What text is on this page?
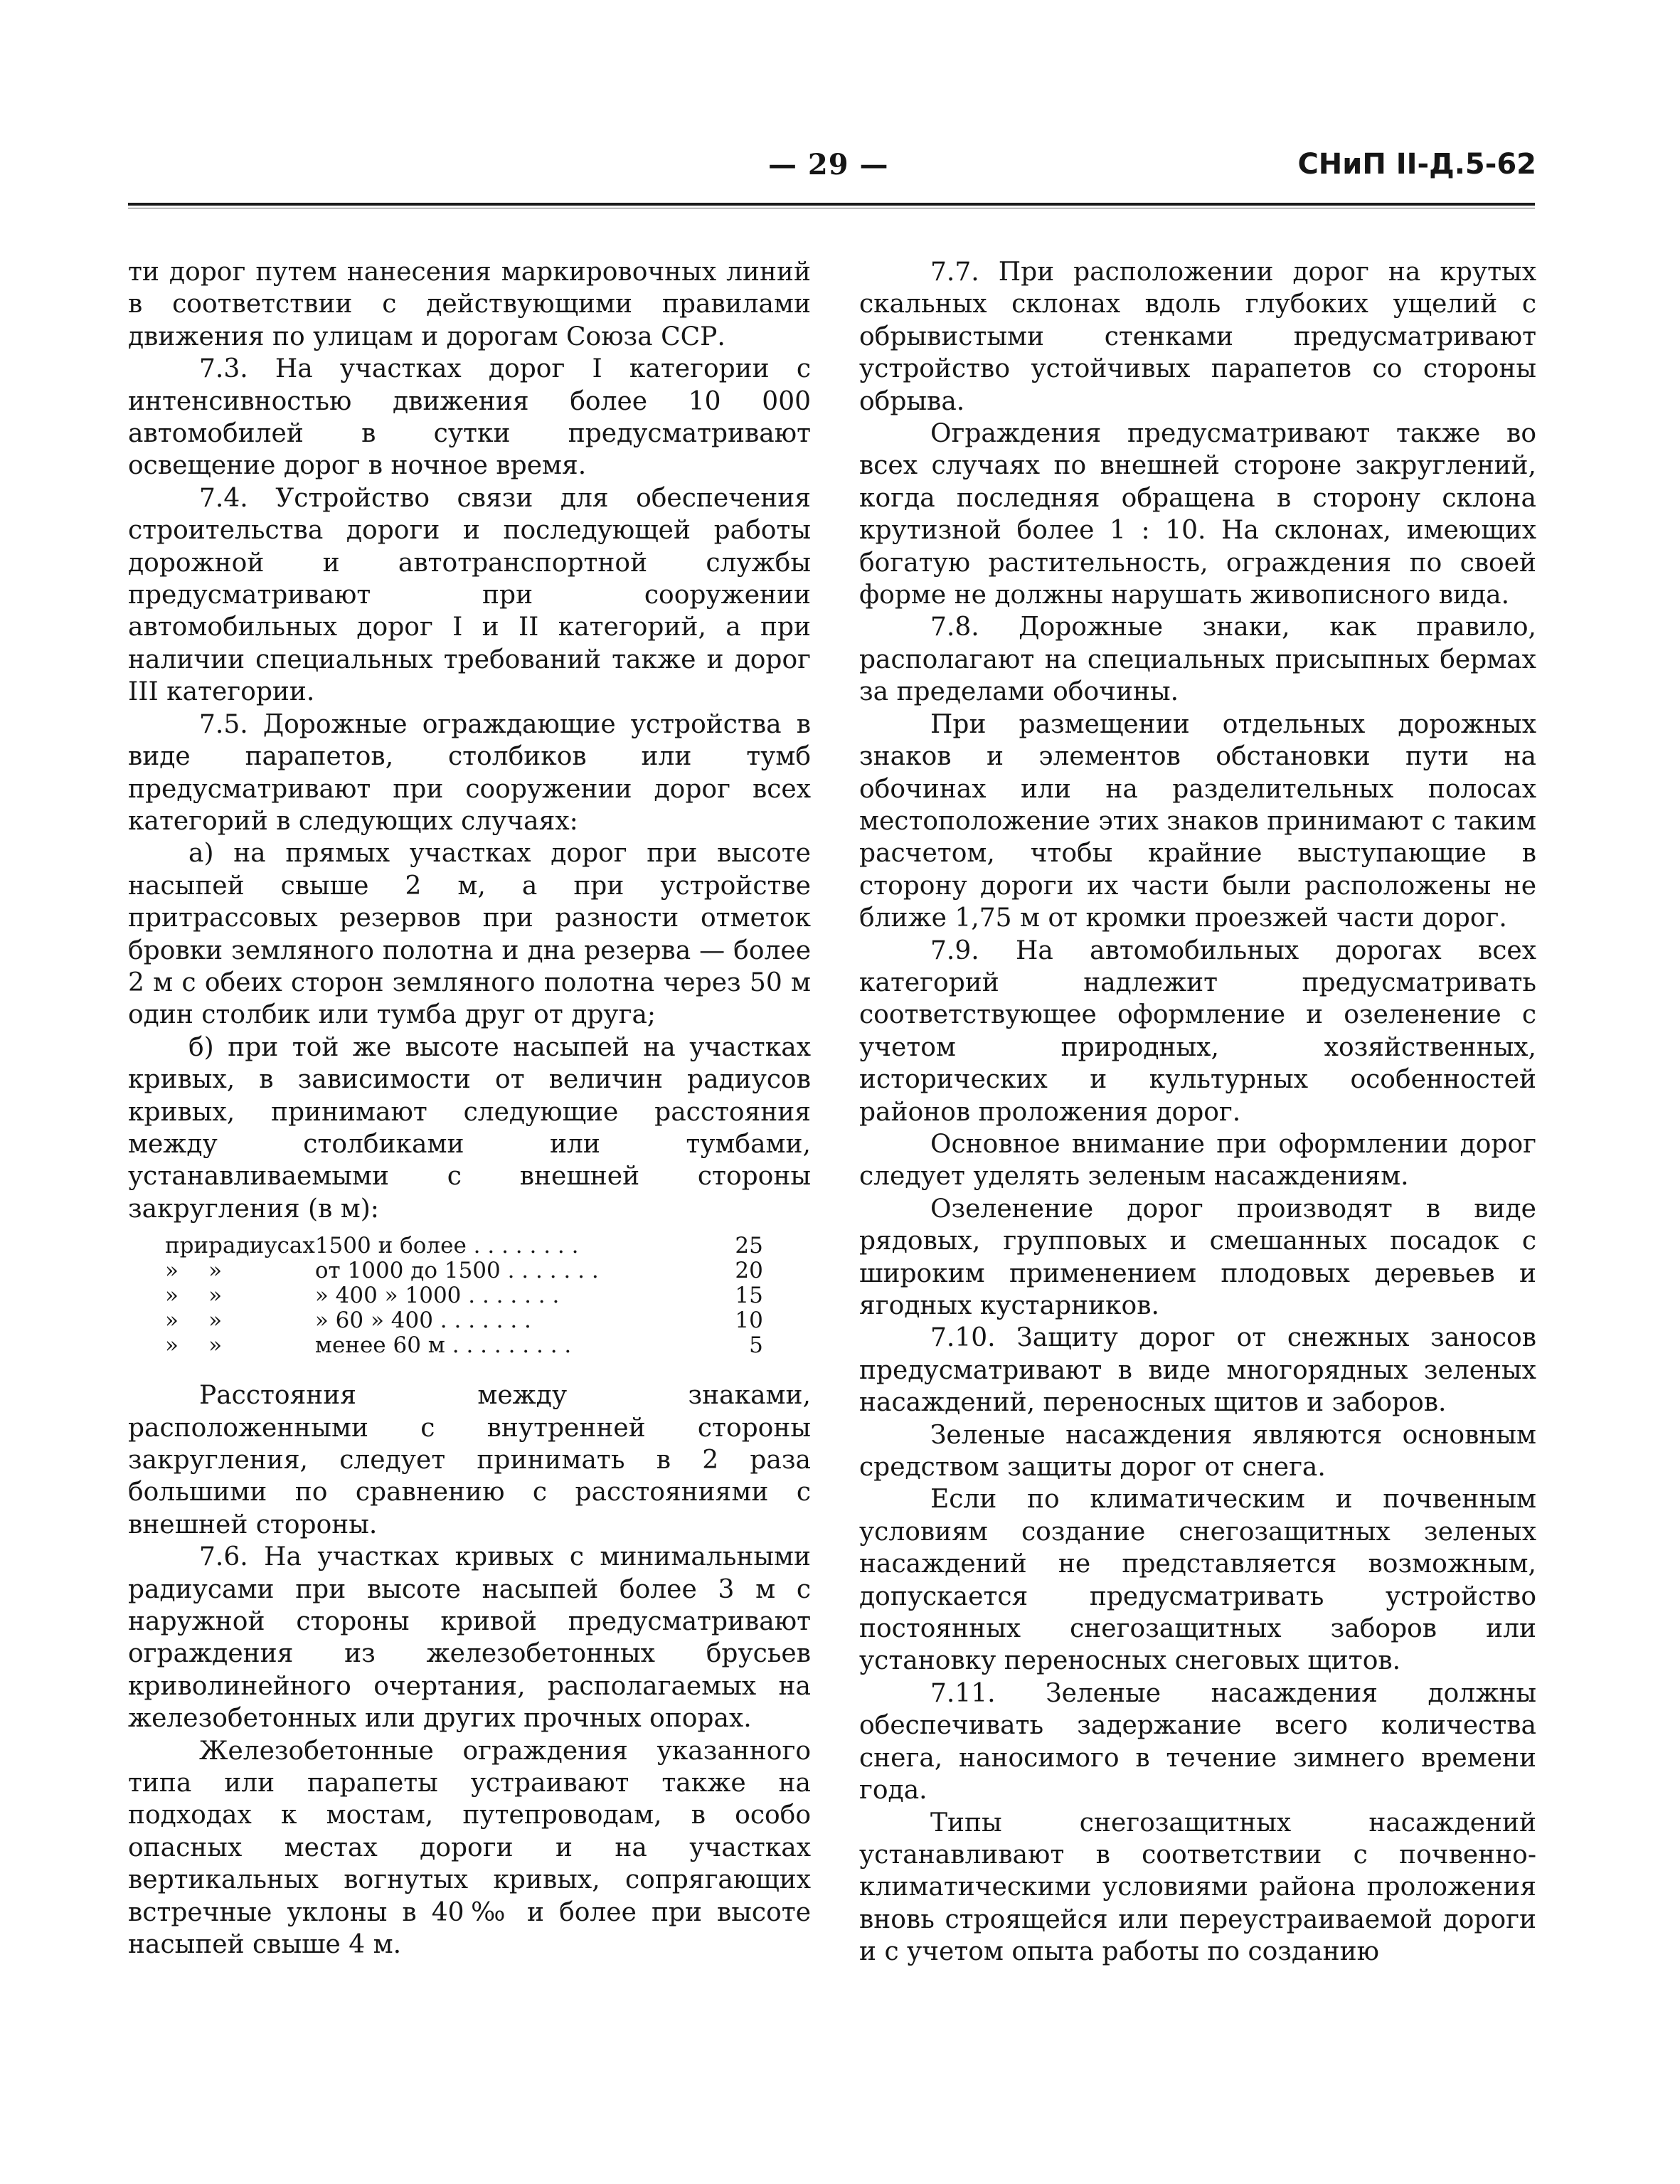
— 29 —	СНиП II-Д.5-62

ти дорог путем нанесения маркировочных линий в соответствии с действующими правилами движения по улицам и дорогам Союза ССР.

7.3. На участках дорог I категории с интенсивностью движения более 10 000 автомобилей в сутки предусматривают освещение дорог в ночное время.

7.4. Устройство связи для обеспечения строительства дороги и последующей работы дорожной и автотранспортной службы предусматривают при сооружении автомобильных дорог I и II категорий, а при наличии специальных требований также и дорог III категории.

7.5. Дорожные ограждающие устройства в виде парапетов, столбиков или тумб предусматривают при сооружении дорог всех категорий в следующих случаях:

а) на прямых участках дорог при высоте насыпей свыше 2 м, а при устройстве притрассовых резервов при разности отметок бровки земляного полотна и дна резерва — более 2 м с обеих сторон земляного полотна через 50 м один столбик или тумба друг от друга;

б) при той же высоте насыпей на участках кривых, в зависимости от величин радиусов кривых, принимают следующие расстояния между столбиками или тумбами, устанавливаемыми с внешней стороны закругления (в м):

при	радиусах	1500 и более . . . . . . . .	25
»	»	от 1000 до 1500 . . . . . . .	20
»	»	» 400 » 1000 . . . . . . .	15
»	»	» 60 » 400 . . . . . . .	10
»	»	менее 60 м . . . . . . . . .	5

Расстояния между знаками, расположенными с внутренней стороны закругления, следует принимать в 2 раза большими по сравнению с расстояниями с внешней стороны.

7.6. На участках кривых с минимальными радиусами при высоте насыпей более 3 м с наружной стороны кривой предусматривают ограждения из железобетонных брусьев криволинейного очертания, располагаемых на железобетонных или других прочных опорах.

Железобетонные ограждения указанного типа или парапеты устраивают также на подходах к мостам, путепроводам, в особо опасных местах дороги и на участках вертикальных вогнутых кривых, сопрягающих встречные уклоны в 40‰ и более при высоте насыпей свыше 4 м.

7.7. При расположении дорог на крутых скальных склонах вдоль глубоких ущелий с обрывистыми стенками предусматривают устройство устойчивых парапетов со стороны обрыва.

Ограждения предусматривают также во всех случаях по внешней стороне закруглений, когда последняя обращена в сторону склона крутизной более 1 : 10. На склонах, имеющих богатую растительность, ограждения по своей форме не должны нарушать живописного вида.

7.8. Дорожные знаки, как правило, располагают на специальных присыпных бермах за пределами обочины.

При размещении отдельных дорожных знаков и элементов обстановки пути на обочинах или на разделительных полосах местоположение этих знаков принимают с таким расчетом, чтобы крайние выступающие в сторону дороги их части были расположены не ближе 1,75 м от кромки проезжей части дорог.

7.9. На автомобильных дорогах всех категорий надлежит предусматривать соответствующее оформление и озеленение с учетом природных, хозяйственных, исторических и культурных особенностей районов проложения дорог.

Основное внимание при оформлении дорог следует уделять зеленым насаждениям.

Озеленение дорог производят в виде рядовых, групповых и смешанных посадок с широким применением плодовых деревьев и ягодных кустарников.

7.10. Защиту дорог от снежных заносов предусматривают в виде многорядных зеленых насаждений, переносных щитов и заборов.

Зеленые насаждения являются основным средством защиты дорог от снега.

Если по климатическим и почвенным условиям создание снегозащитных зеленых насаждений не представляется возможным, допускается предусматривать устройство постоянных снегозащитных заборов или установку переносных снеговых щитов.

7.11. Зеленые насаждения должны обеспечивать задержание всего количества снега, наносимого в течение зимнего времени года.

Типы снегозащитных насаждений устанавливают в соответствии с почвенно-климатическими условиями района проложения вновь строящейся или переустраиваемой дороги и с учетом опыта работы по созданию
